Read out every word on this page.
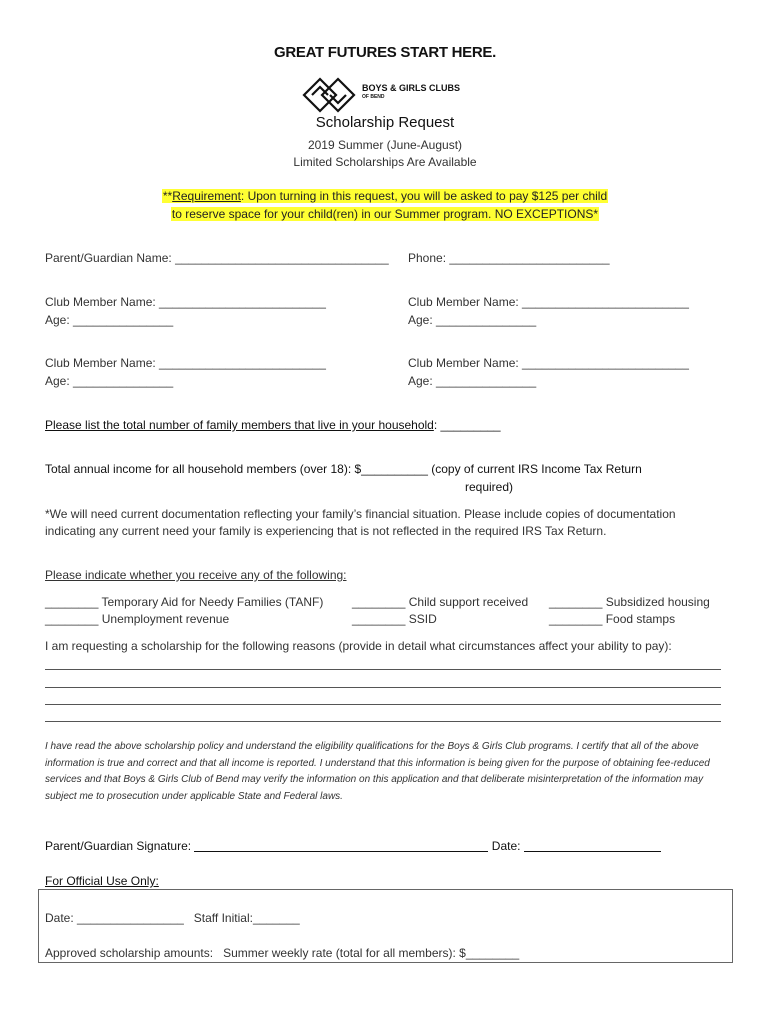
GREAT FUTURES START HERE.
BOYS & GIRLS CLUBS
OF BEND
Scholarship Request
2019 Summer (June-August)
Limited Scholarships Are Available
**Requirement: Upon turning in this request, you will be asked to pay $125 per child
to reserve space for your child(ren) in our Summer program. NO EXCEPTIONS*
Parent/Guardian Name: ________________________________ Phone: ________________________
Club Member Name: _________________________
Age: _______________
Club Member Name: _________________________
Age: _______________
Club Member Name: _________________________
Age: _______________
Club Member Name: _________________________
Age: _______________
Please list the total number of family members that live in your household: _________
Total annual income for all household members (over 18): $__________ (copy of current IRS Income Tax Return
required)
*We will need current documentation reflecting your family’s financial situation. Please include copies of documentation
indicating any current need your family is experiencing that is not reflected in the required IRS Tax Return.
Please indicate whether you receive any of the following:
________ Temporary Aid for Needy Families (TANF) ________ Child support received ________ Subsidized housing
________ Unemployment revenue	________ SSID	________ Food stamps
I am requesting a scholarship for the following reasons (provide in detail what circumstances affect your ability to pay):
I have read the above scholarship policy and understand the eligibility qualifications for the Boys & Girls Club programs. I certify that all of the above information is true and correct and that all income is reported. I understand that this information is being given for the purpose of obtaining fee-reduced services and that Boys & Girls Club of Bend may verify the information on this application and that deliberate misinterpretation of the information may subject me to prosecution under applicable State and Federal laws.
Parent/Guardian Signature:	Date:
For Official Use Only:
Date: ________________   Staff Initial:_______
Approved scholarship amounts:   Summer weekly rate (total for all members): $________
